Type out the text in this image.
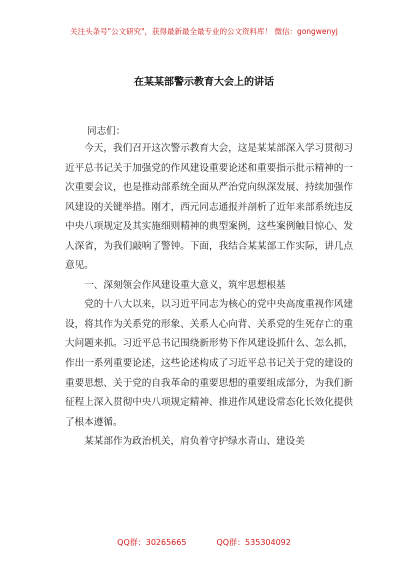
关注头条号"公文研究"，获得最新最全最专业的公文资料库！ 微信：gongwenyj
在某某部警示教育大会上的讲话
同志们：

今天，我们召开这次警示教育大会，这是某某部深入学习贯彻习近平总书记关于加强党的作风建设重要论述和重要指示批示精神的一次重要会议，也是推动部系统全面从严治党向纵深发展、持续加强作风建设的关键举措。刚才，西元同志通报并剖析了近年来部系统违反中央八项规定及其实施细则精神的典型案例，这些案例触目惊心、发人深省，为我们敲响了警钟。下面，我结合某某部工作实际，讲几点意见。

一、深刻领会作风建设重大意义，筑牢思想根基

党的十八大以来，以习近平同志为核心的党中央高度重视作风建设，将其作为关系党的形象、关系人心向背、关系党的生死存亡的重大问题来抓。习近平总书记围绕新形势下作风建设抓什么、怎么抓，作出一系列重要论述，这些论述构成了习近平总书记关于党的建设的重要思想、关于党的自我革命的重要思想的重要组成部分，为我们新征程上深入贯彻中央八项规定精神、推进作风建设常态化长效化提供了根本遵循。

某某部作为政治机关，肩负着守护绿水青山、建设美

QQ群：30265665	QQ群：535304092
